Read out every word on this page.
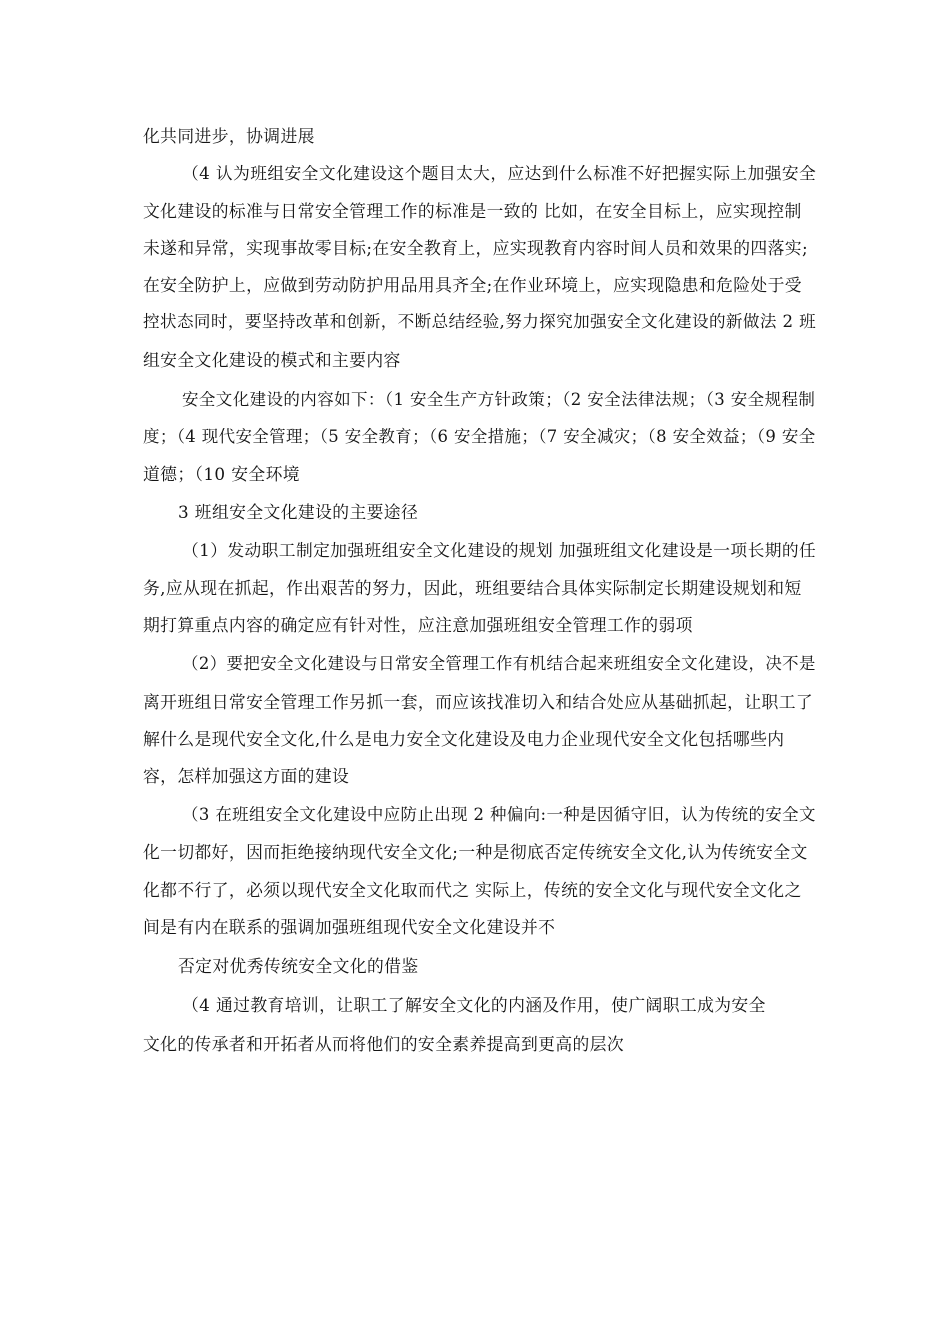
化共同进步，协调进展

（4 认为班组安全文化建设这个题目太大，应达到什么标准不好把握实际上加强安全

文化建设的标准与日常安全管理工作的标准是一致的 比如，在安全目标上，应实现控制

未遂和异常，实现事故零目标;在安全教育上，应实现教育内容时间人员和效果的四落实;

在安全防护上，应做到劳动防护用品用具齐全;在作业环境上，应实现隐患和危险处于受

控状态同时，要坚持改革和创新，不断总结经验,努力探究加强安全文化建设的新做法 2 班

组安全文化建设的模式和主要内容

安全文化建设的内容如下：（1 安全生产方针政策；（2 安全法律法规；（3 安全规程制

度；（4 现代安全管理；（5 安全教育；（6 安全措施；（7 安全减灾；（8 安全效益；（9 安全

道德；（10 安全环境

3 班组安全文化建设的主要途径

（1）发动职工制定加强班组安全文化建设的规划 加强班组文化建设是一项长期的任

务,应从现在抓起，作出艰苦的努力，因此，班组要结合具体实际制定长期建设规划和短

期打算重点内容的确定应有针对性，应注意加强班组安全管理工作的弱项

（2）要把安全文化建设与日常安全管理工作有机结合起来班组安全文化建设，决不是

离开班组日常安全管理工作另抓一套，而应该找准切入和结合处应从基础抓起，让职工了

解什么是现代安全文化,什么是电力安全文化建设及电力企业现代安全文化包括哪些内

容，怎样加强这方面的建设

（3 在班组安全文化建设中应防止出现 2 种偏向:一种是因循守旧，认为传统的安全文

化一切都好，因而拒绝接纳现代安全文化;一种是彻底否定传统安全文化,认为传统安全文

化都不行了，必须以现代安全文化取而代之 实际上，传统的安全文化与现代安全文化之

间是有内在联系的强调加强班组现代安全文化建设并不

否定对优秀传统安全文化的借鉴

（4 通过教育培训，让职工了解安全文化的内涵及作用，使广阔职工成为安全

文化的传承者和开拓者从而将他们的安全素养提高到更高的层次
